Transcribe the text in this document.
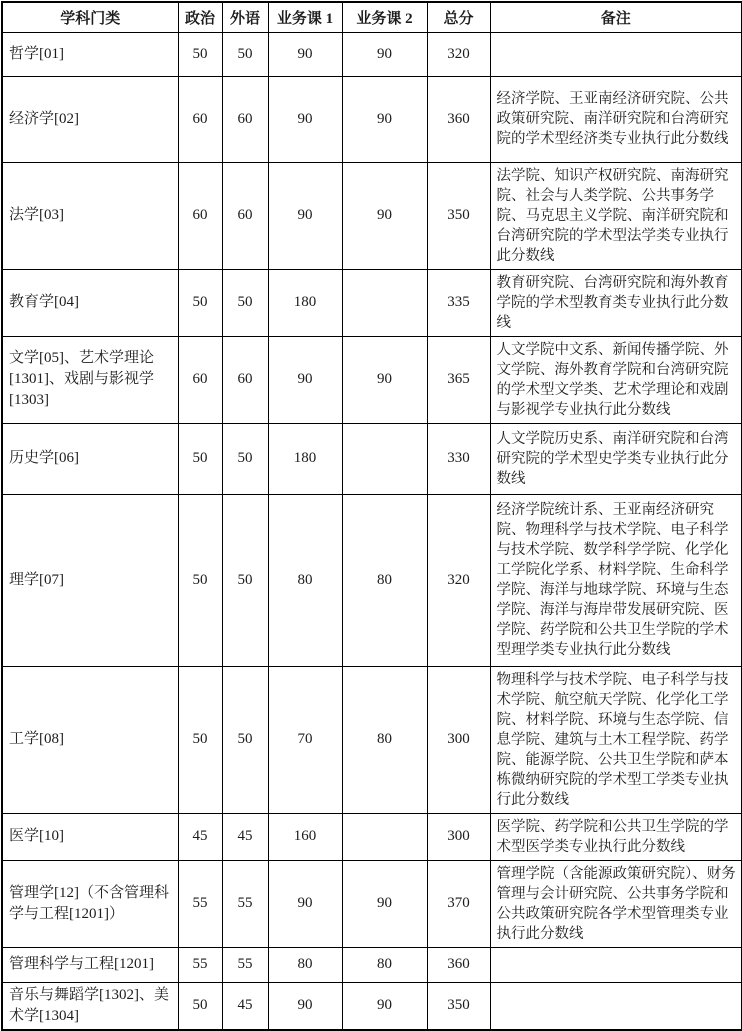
学科门类	政治	外语	业务课 1	业务课 2	总分	备注
哲学[01]	50	50	90	90	320	
经济学[02]	60	60	90	90	360	经济学院、王亚南经济研究院、公共政策研究院、南洋研究院和台湾研究院的学术型经济类专业执行此分数线
法学[03]	60	60	90	90	350	法学院、知识产权研究院、南海研究院、社会与人类学院、公共事务学院、马克思主义学院、南洋研究院和台湾研究院的学术型法学类专业执行此分数线
教育学[04]	50	50	180		335	教育研究院、台湾研究院和海外教育学院的学术型教育类专业执行此分数线
文学[05]、艺术学理论[1301]、戏剧与影视学[1303]	60	60	90	90	365	人文学院中文系、新闻传播学院、外文学院、海外教育学院和台湾研究院的学术型文学类、艺术学理论和戏剧与影视学专业执行此分数线
历史学[06]	50	50	180		330	人文学院历史系、南洋研究院和台湾研究院的学术型史学类专业执行此分数线
理学[07]	50	50	80	80	320	经济学院统计系、王亚南经济研究院、物理科学与技术学院、电子科学与技术学院、数学科学学院、化学化工学院化学系、材料学院、生命科学学院、海洋与地球学院、环境与生态学院、海洋与海岸带发展研究院、医学院、药学院和公共卫生学院的学术型理学类专业执行此分数线
工学[08]	50	50	70	80	300	物理科学与技术学院、电子科学与技术学院、航空航天学院、化学化工学院、材料学院、环境与生态学院、信息学院、建筑与土木工程学院、药学院、能源学院、公共卫生学院和萨本栋微纳研究院的学术型工学类专业执行此分数线
医学[10]	45	45	160		300	医学院、药学院和公共卫生学院的学术型医学类专业执行此分数线
管理学[12]（不含管理科学与工程[1201]）	55	55	90	90	370	管理学院（含能源政策研究院）、财务管理与会计研究院、公共事务学院和公共政策研究院各学术型管理类专业执行此分数线
管理科学与工程[1201]	55	55	80	80	360	
音乐与舞蹈学[1302]、美术学[1304]	50	45	90	90	350	
